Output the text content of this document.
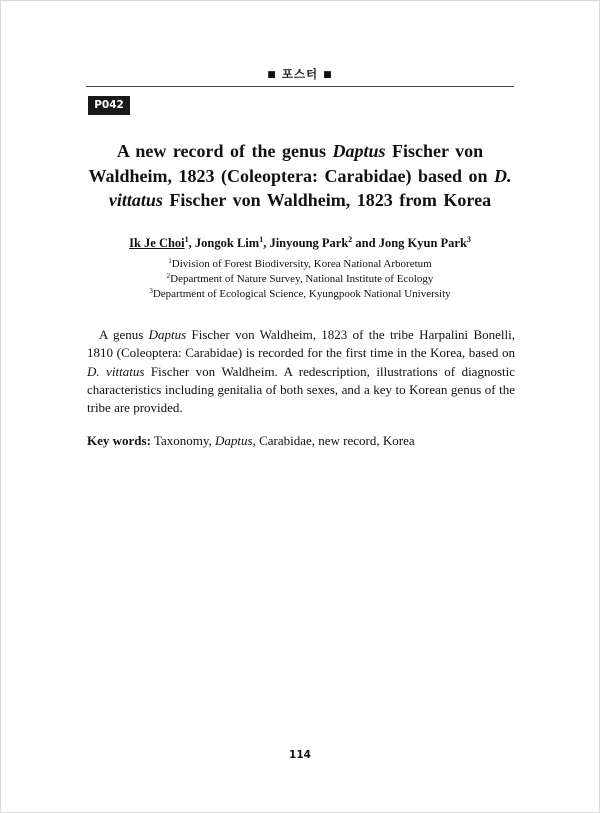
■ 포스터 ■
P042
A new record of the genus Daptus Fischer von Waldheim, 1823 (Coleoptera: Carabidae) based on D. vittatus Fischer von Waldheim, 1823 from Korea
Ik Je Choi$^1$, Jongok Lim$^1$, Jinyoung Park$^2$ and Jong Kyun Park$^3$
$^1$Division of Forest Biodiversity, Korea National Arboretum
$^2$Department of Nature Survey, National Institute of Ecology
$^3$Department of Ecological Science, Kyungpook National University

A genus Daptus Fischer von Waldheim, 1823 of the tribe Harpalini Bonelli, 1810 (Coleoptera: Carabidae) is recorded for the first time in the Korea, based on D. vittatus Fischer von Waldheim. A redescription, illustrations of diagnostic characteristics including genitalia of both sexes, and a key to Korean genus of the tribe are provided.

Key words: Taxonomy, Daptus, Carabidae, new record, Korea

114
